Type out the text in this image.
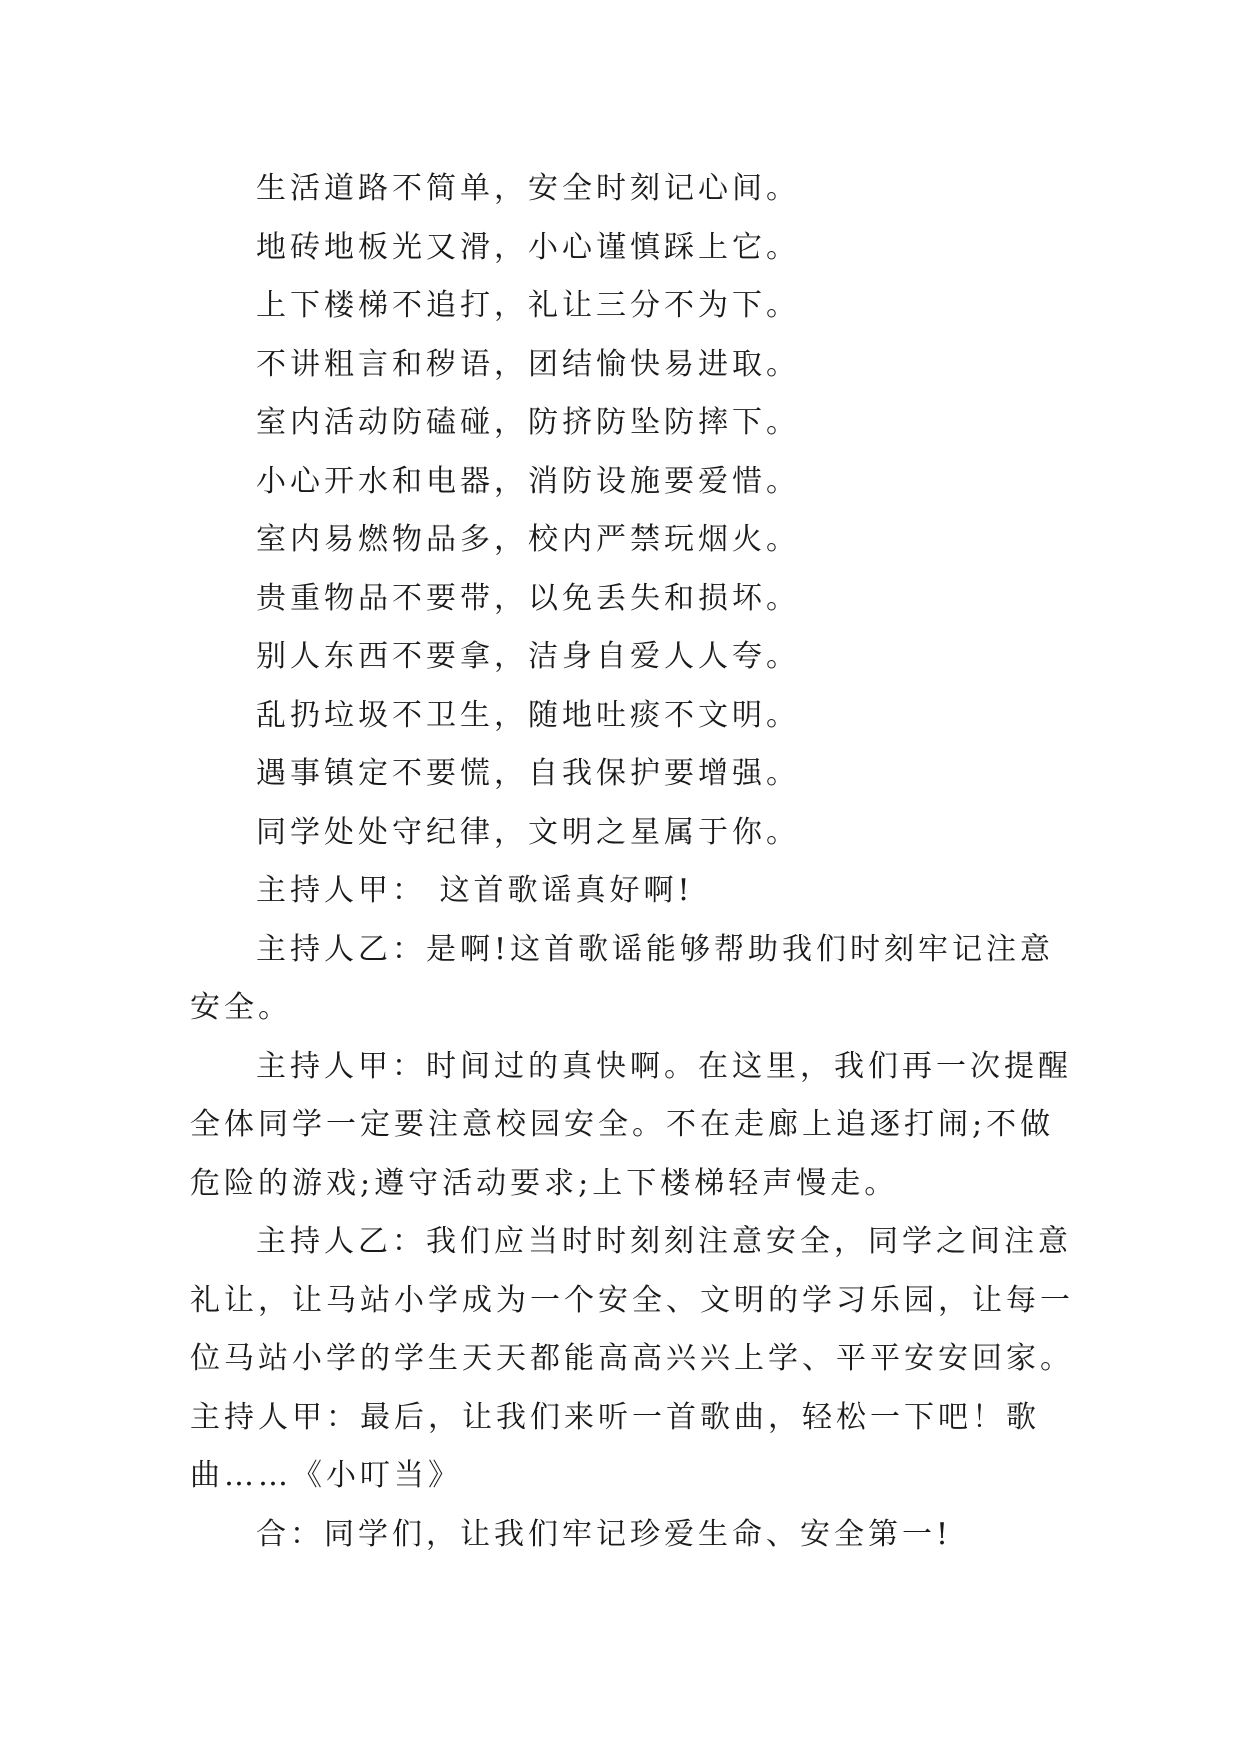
生活道路不简单，安全时刻记心间。

地砖地板光又滑，小心谨慎踩上它。

上下楼梯不追打，礼让三分不为下。

不讲粗言和秽语，团结愉快易进取。

室内活动防磕碰，防挤防坠防摔下。

小心开水和电器，消防设施要爱惜。

室内易燃物品多，校内严禁玩烟火。

贵重物品不要带，以免丢失和损坏。

别人东西不要拿，洁身自爱人人夸。

乱扔垃圾不卫生，随地吐痰不文明。

遇事镇定不要慌，自我保护要增强。

同学处处守纪律，文明之星属于你。

主持人甲： 这首歌谣真好啊!

主持人乙：是啊!这首歌谣能够帮助我们时刻牢记注意

安全。

主持人甲：时间过的真快啊。在这里，我们再一次提醒

全体同学一定要注意校园安全。不在走廊上追逐打闹;不做

危险的游戏;遵守活动要求;上下楼梯轻声慢走。

主持人乙：我们应当时时刻刻注意安全，同学之间注意

礼让，让马站小学成为一个安全、文明的学习乐园，让每一

位马站小学的学生天天都能高高兴兴上学、平平安安回家。

主持人甲：最后，让我们来听一首歌曲，轻松一下吧！歌

曲……《小叮当》

合：同学们，让我们牢记珍爱生命、安全第一!
